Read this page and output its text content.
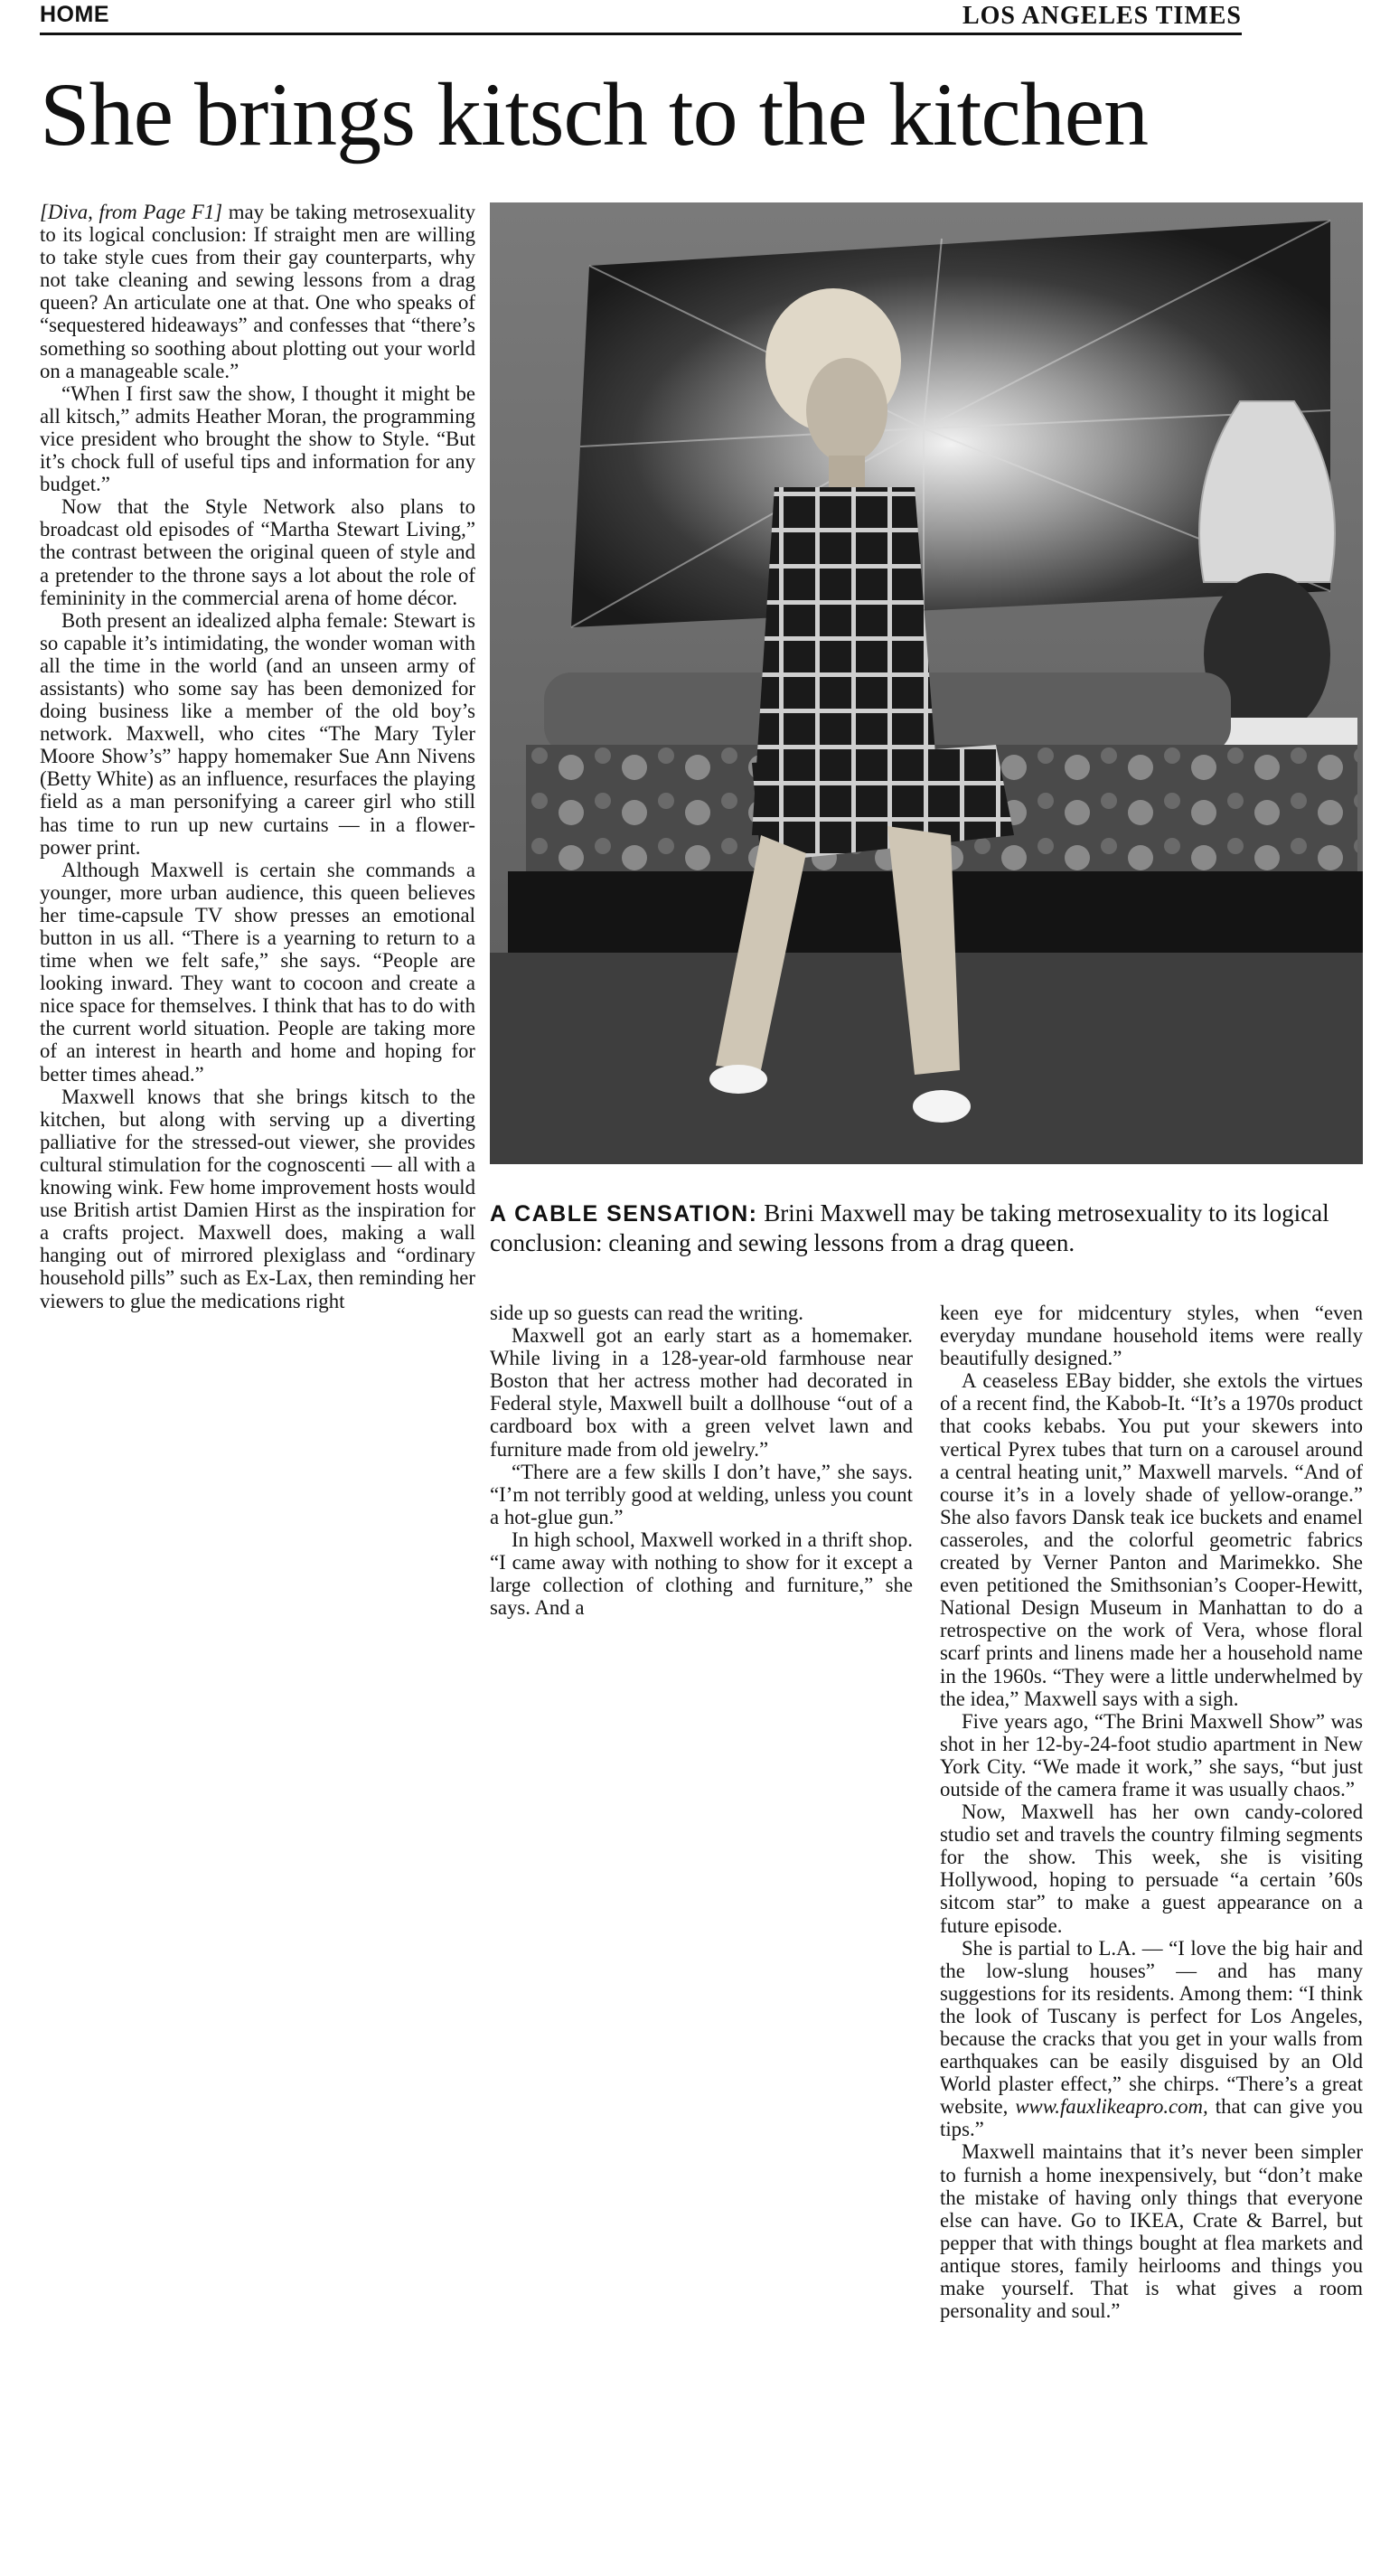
HOME	LOS ANGELES TIMES
She brings kitsch to the kitchen

[Diva, from Page F1] may be taking metrosexuality to its logical conclusion: If straight men are willing to take style cues from their gay counterparts, why not take cleaning and sewing lessons from a drag queen? An articulate one at that. One who speaks of “sequestered hideaways” and confesses that “there’s something so soothing about plotting out your world on a manageable scale.”

“When I first saw the show, I thought it might be all kitsch,” admits Heather Moran, the programming vice president who brought the show to Style. “But it’s chock full of useful tips and information for any budget.”

Now that the Style Network also plans to broadcast old episodes of “Martha Stewart Living,” the contrast between the original queen of style and a pretender to the throne says a lot about the role of femininity in the commercial arena of home décor.

Both present an idealized alpha female: Stewart is so capable it’s intimidating, the wonder woman with all the time in the world (and an unseen army of assistants) who some say has been demonized for doing business like a member of the old boy’s network. Maxwell, who cites “The Mary Tyler Moore Show’s” happy homemaker Sue Ann Nivens (Betty White) as an influence, resurfaces the playing field as a man personifying a career girl who still has time to run up new curtains — in a flower-power print.

Although Maxwell is certain she commands a younger, more urban audience, this queen believes her time-capsule TV show presses an emotional button in us all. “There is a yearning to return to a time when we felt safe,” she says. “People are looking inward. They want to cocoon and create a nice space for themselves. I think that has to do with the current world situation. People are taking more of an interest in hearth and home and hoping for better times ahead.”

Maxwell knows that she brings kitsch to the kitchen, but along with serving up a diverting palliative for the stressed-out viewer, she provides cultural stimulation for the cognoscenti — all with a knowing wink. Few home improvement hosts would use British artist Damien Hirst as the inspiration for a crafts project. Maxwell does, making a wall hanging out of mirrored plexiglass and “ordinary household pills” such as Ex-Lax, then reminding her viewers to glue the medications right

A CABLE SENSATION: Brini Maxwell may be taking metrosexuality to its logical conclusion: cleaning and sewing lessons from a drag queen.

side up so guests can read the writing.

Maxwell got an early start as a homemaker. While living in a 128-year-old farmhouse near Boston that her actress mother had decorated in Federal style, Maxwell built a dollhouse “out of a cardboard box with a green velvet lawn and furniture made from old jewelry.”

“There are a few skills I don’t have,” she says. “I’m not terribly good at welding, unless you count a hot-glue gun.”

In high school, Maxwell worked in a thrift shop. “I came away with nothing to show for it except a large collection of clothing and furniture,” she says. And a

keen eye for midcentury styles, when “even everyday mundane household items were really beautifully designed.”

A ceaseless EBay bidder, she extols the virtues of a recent find, the Kabob-It. “It’s a 1970s product that cooks kebabs. You put your skewers into vertical Pyrex tubes that turn on a carousel around a central heating unit,” Maxwell marvels. “And of course it’s in a lovely shade of yellow-orange.” She also favors Dansk teak ice buckets and enamel casseroles, and the colorful geometric fabrics created by Verner Panton and Marimekko. She even petitioned the Smithsonian’s Cooper-Hewitt, National Design Museum in Manhattan to do a retrospective on the work of Vera, whose floral scarf prints and linens made her a household name in the 1960s. “They were a little underwhelmed by the idea,” Maxwell says with a sigh.

Five years ago, “The Brini Maxwell Show” was shot in her 12-by-24-foot studio apartment in New York City. “We made it work,” she says, “but just outside of the camera frame it was usually chaos.”

Now, Maxwell has her own candy-colored studio set and travels the country filming segments for the show. This week, she is visiting Hollywood, hoping to persuade “a certain ’60s sitcom star” to make a guest appearance on a future episode.

She is partial to L.A. — “I love the big hair and the low-slung houses” — and has many suggestions for its residents. Among them: “I think the look of Tuscany is perfect for Los Angeles, because the cracks that you get in your walls from earthquakes can be easily disguised by an Old World plaster effect,” she chirps. “There’s a great website, www.fauxlikeapro.com, that can give you tips.”

Maxwell maintains that it’s never been simpler to furnish a home inexpensively, but “don’t make the mistake of having only things that everyone else can have. Go to IKEA, Crate & Barrel, but pepper that with things bought at flea markets and antique stores, family heirlooms and things you make yourself. That is what gives a room personality and soul.”
